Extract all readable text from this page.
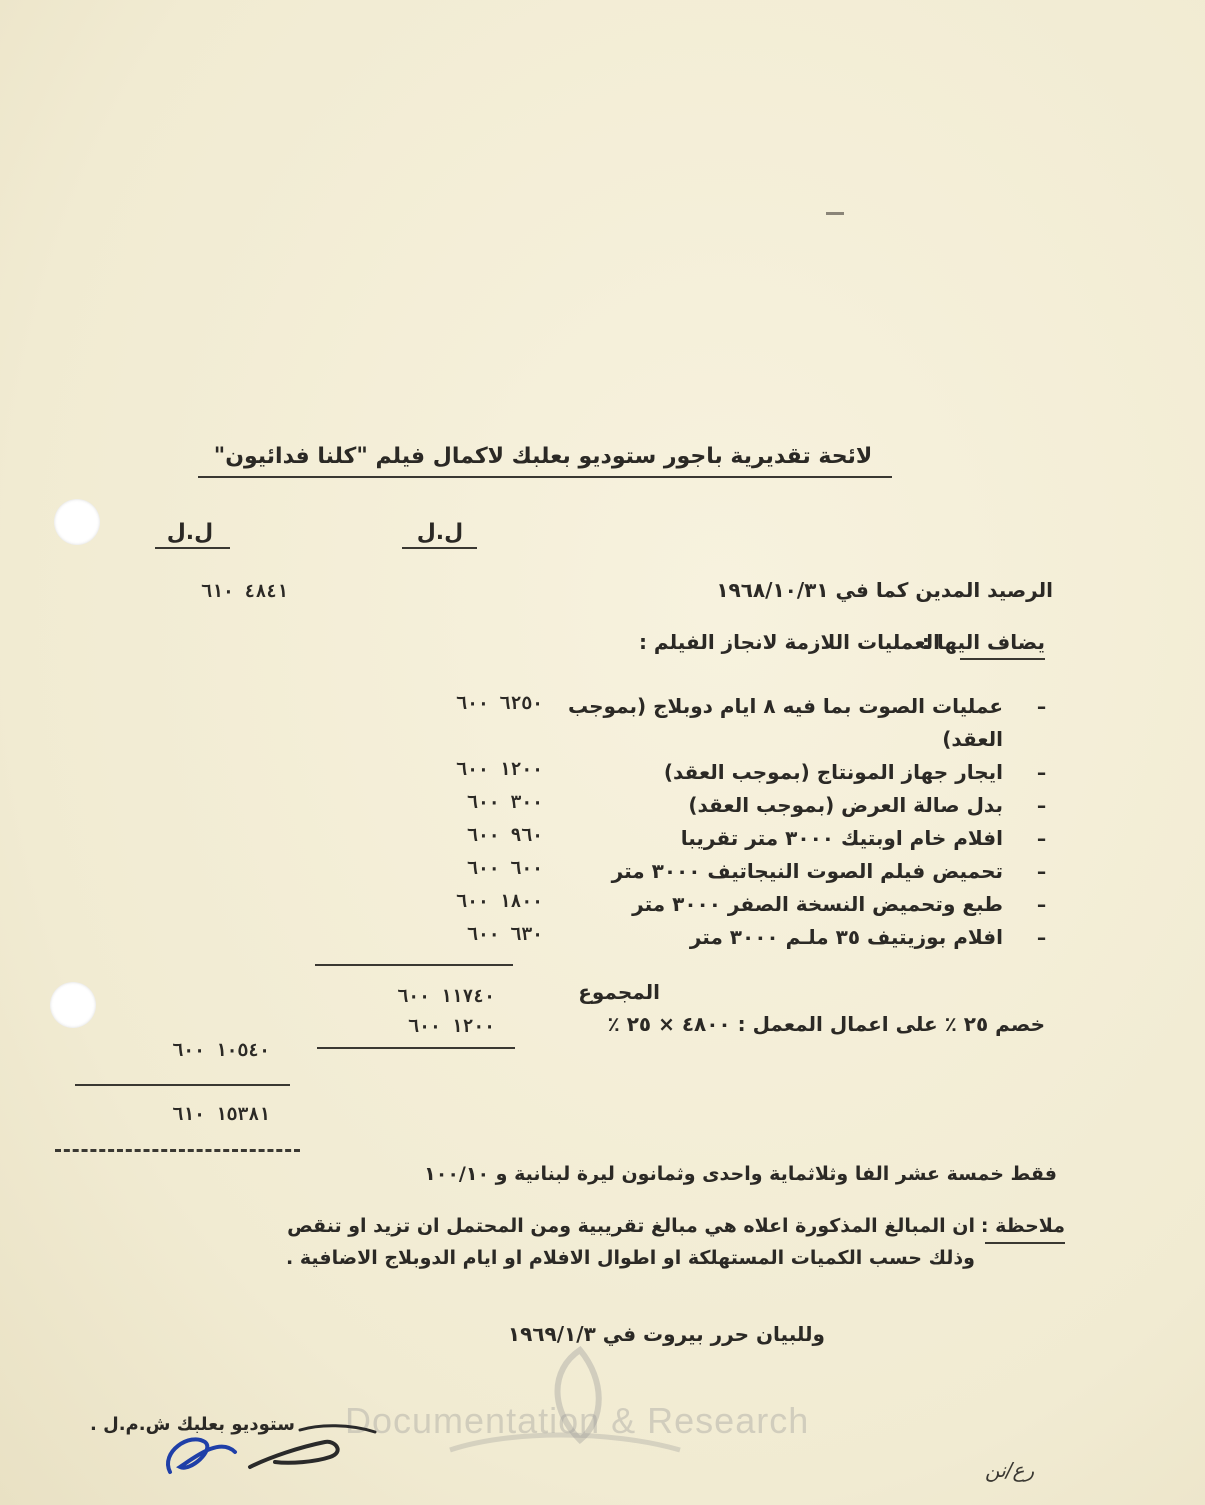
لائحة تقديرية باجور ستوديو بعلبك لاكمال فيلم "كلنا فدائيون"
ل.ل	ل.ل
الرصيد المدين كما في ١٩٦٨/١٠/٣١
٤٨٤١ ٦١٠
يضاف اليها :
العمليات اللازمة لانجاز الفيلم :
ـ
عمليات الصوت بما فيه ٨ ايام دوبلاج (بموجب العقد)
٦٢٥٠ ٦٠٠
ـ
ايجار جهاز المونتاج (بموجب العقد)
١٢٠٠ ٦٠٠
ـ
بدل صالة العرض (بموجب العقد)
٣٠٠ ٦٠٠
ـ
افلام خام اوبتيك ٣٠٠٠ متر تقريبا
٩٦٠ ٦٠٠
ـ
تحميض فيلم الصوت النيجاتيف ٣٠٠٠ متر
٦٠٠ ٦٠٠
ـ
طبع وتحميض النسخة الصفر ٣٠٠٠ متر
١٨٠٠ ٦٠٠
ـ
افلام بوزيتيف ٣٥ ملـم ٣٠٠٠ متر
٦٣٠ ٦٠٠
المجموع
١١٧٤٠ ٦٠٠
خصم ٢٥ ٪ على اعمال المعمل : ٤٨٠٠ × ٢٥ ٪
١٢٠٠ ٦٠٠
١٠٥٤٠ ٦٠٠
١٥٣٨١ ٦١٠
فقط خمسة عشر الفا وثلاثماية واحدى وثمانون ليرة لبنانية و ١٠٠/١٠
ملاحظة :
ان المبالغ المذكورة اعلاه هي مبالغ تقريبية ومن المحتمل ان تزيد او تنقص
وذلك حسب الكميات المستهلكة او اطوال الافلام او ايام الدوبلاج الاضافية .
وللبيان حرر بيروت في ١٩٦٩/١/٣
Documentation & Research
ستوديو بعلبك ش.م.ل .
رع/نن
